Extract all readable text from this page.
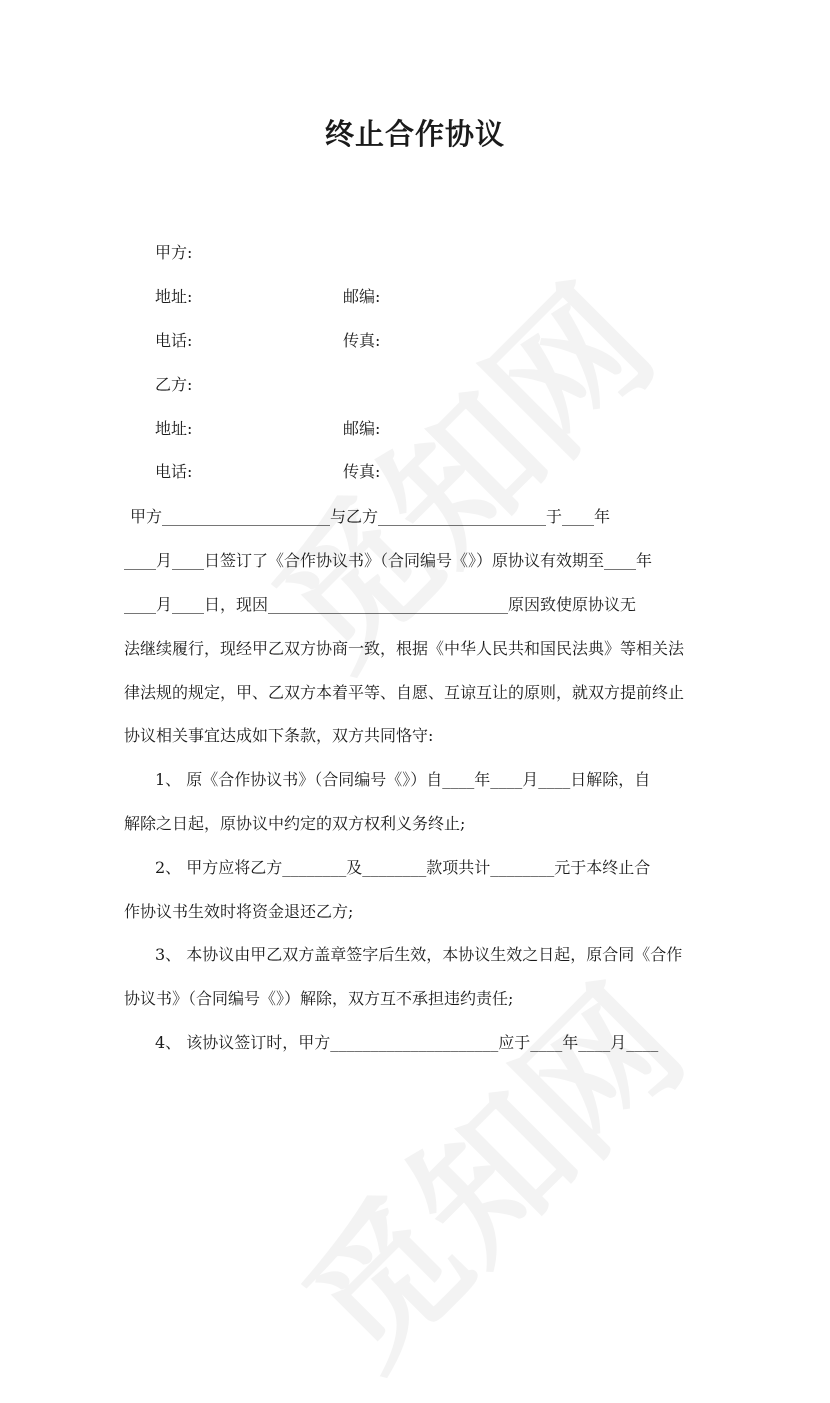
终止合作协议
甲方:
地址:	邮编:
电话:	传真:
乙方:
地址:	邮编:
电话:	传真:
甲方_____________________与乙方_____________________于____年
____月____日签订了《合作协议书》（合同编号《》）原协议有效期至____年
____月____日，现因______________________________原因致使原协议无
法继续履行，现经甲乙双方协商一致，根据《中华人民共和国民法典》等相关法
律法规的规定，甲、乙双方本着平等、自愿、互谅互让的原则，就双方提前终止
协议相关事宜达成如下条款，双方共同恪守:
1、 原《合作协议书》（合同编号《》）自____年____月____日解除，自
解除之日起，原协议中约定的双方权利义务终止;
2、 甲方应将乙方________及________款项共计________元于本终止合
作协议书生效时将资金退还乙方;
3、 本协议由甲乙双方盖章签字后生效，本协议生效之日起，原合同《合作
协议书》（合同编号《》）解除，双方互不承担违约责任;
4、 该协议签订时，甲方_____________________应于____年____月____
